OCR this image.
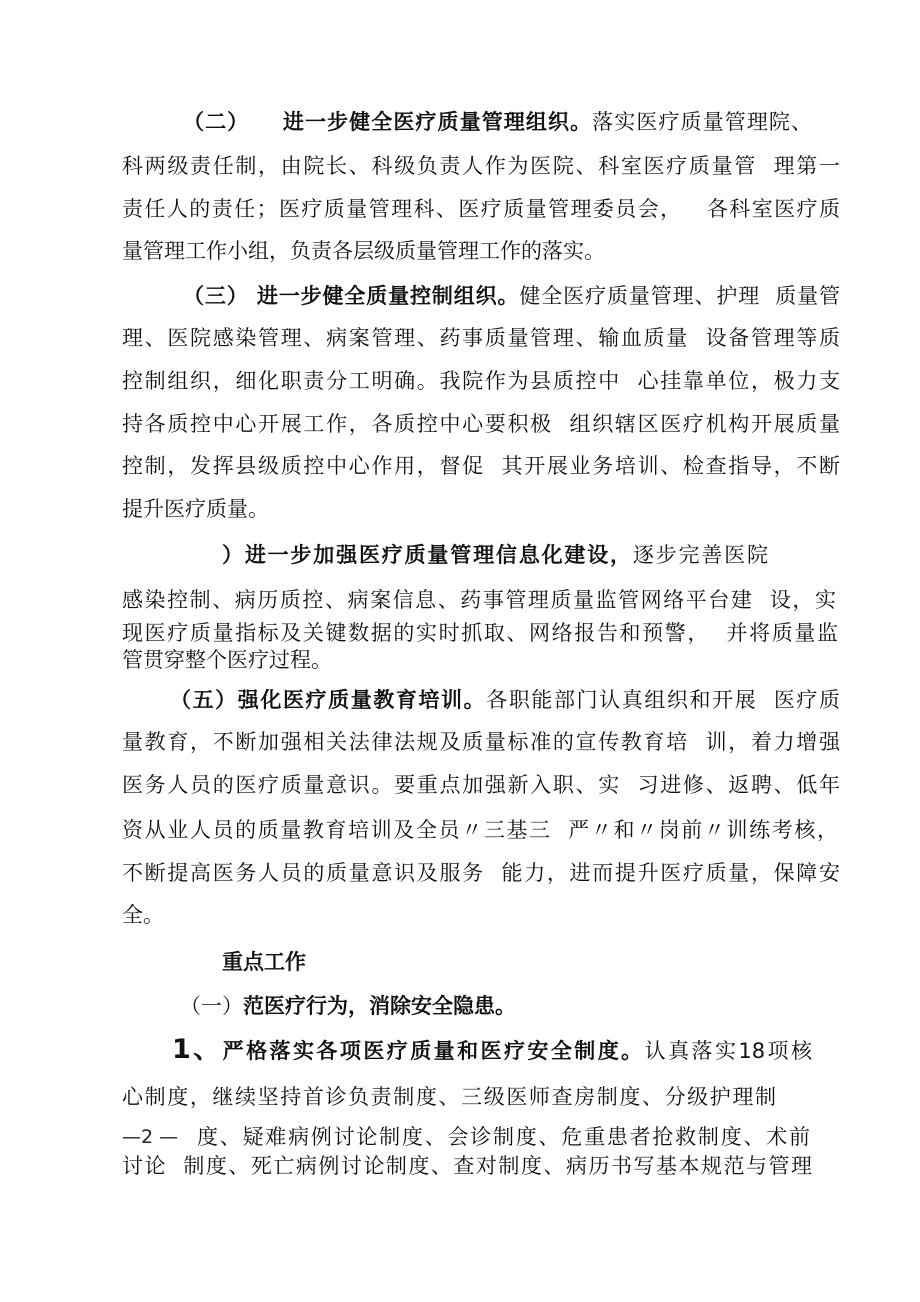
（二）    进一步健全医疗质量管理组织。落实医疗质量管理院、
科两级责任制，由院长、科级负责人作为医院、科室医疗质量管  理第一
责任人的责任；医疗质量管理科、医疗质量管理委员会，   各科室医疗质
量管理工作小组，负责各层级质量管理工作的落实。
（三） 进一步健全质量控制组织。健全医疗质量管理、护理  质量管
理、医院感染管理、病案管理、药事质量管理、输血质量  设备管理等质
控制组织，细化职责分工明确。我院作为县质控中  心挂靠单位，极力支
持各质控中心开展工作，各质控中心要积极  组织辖区医疗机构开展质量
控制，发挥县级质控中心作用，督促  其开展业务培训、检查指导，不断
提升医疗质量。
）进一步加强医疗质量管理信息化建设，逐步完善医院
感染控制、病历质控、病案信息、药事管理质量监管网络平台建  设，实
现医疗质量指标及关键数据的实时抓取、网络报告和预警，  并将质量监
管贯穿整个医疗过程。
（五）强化医疗质量教育培训。各职能部门认真组织和开展  医疗质
量教育，不断加强相关法律法规及质量标准的宣传教育培  训，着力增强
医务人员的医疗质量意识。要重点加强新入职、实  习进修、返聘、低年
资从业人员的质量教育培训及全员〃三基三  严〃和〃岗前〃训练考核，
不断提高医务人员的质量意识及服务  能力，进而提升医疗质量，保障安
全。
重点工作
（一）范医疗行为，消除安全隐患。
1、严格落实各项医疗质量和医疗安全制度。认真落实18项核
心制度，继续坚持首诊负责制度、三级医师查房制度、分级护理制
—2 — 度、疑难病例讨论制度、会诊制度、危重患者抢救制度、术前
讨论  制度、死亡病例讨论制度、查对制度、病历书写基本规范与管理
